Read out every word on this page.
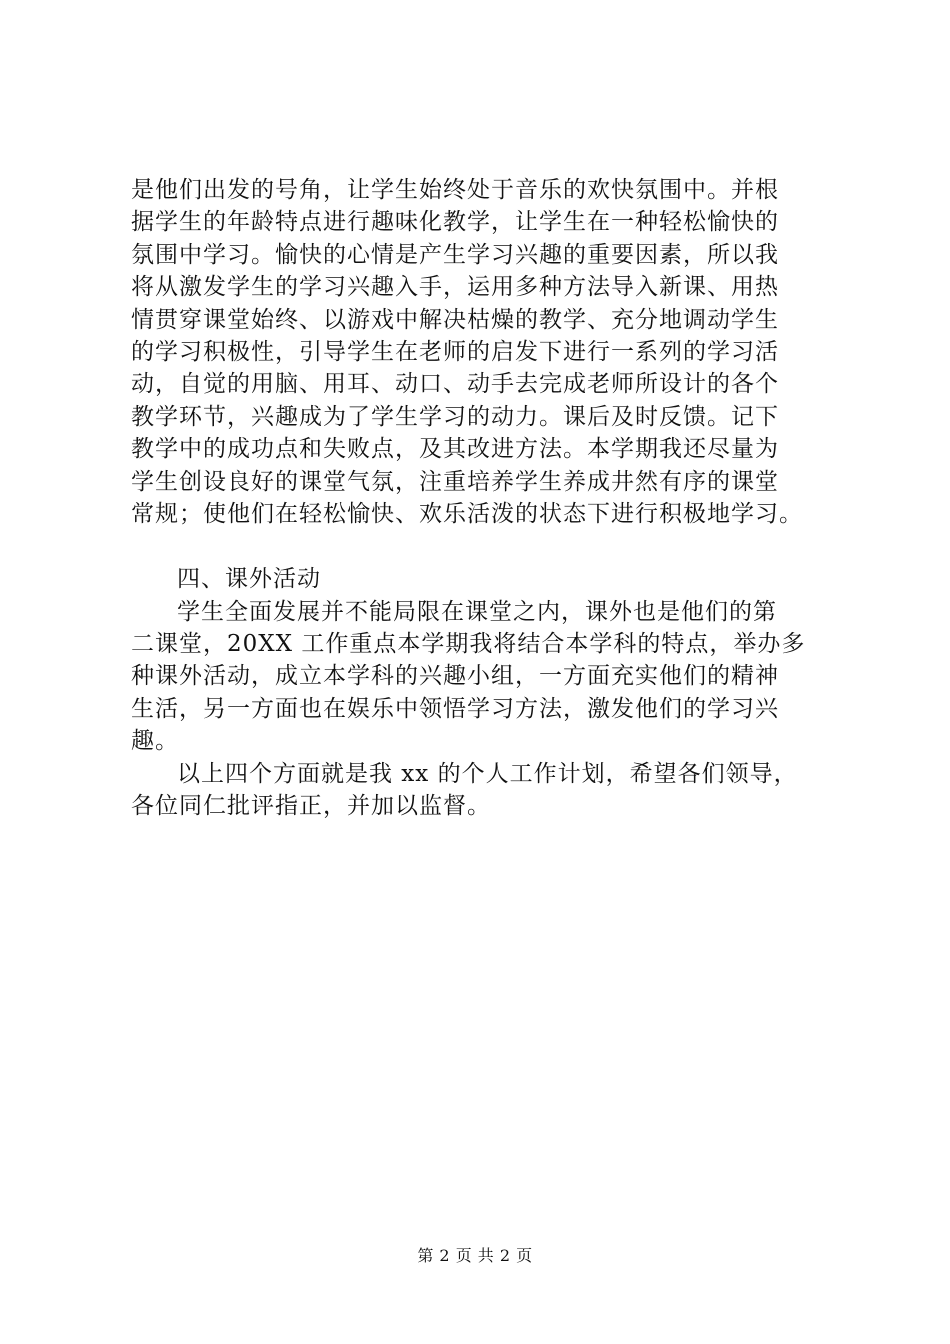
是他们出发的号角，让学生始终处于音乐的欢快氛围中。并根
据学生的年龄特点进行趣味化教学，让学生在一种轻松愉快的
氛围中学习。愉快的心情是产生学习兴趣的重要因素，所以我
将从激发学生的学习兴趣入手，运用多种方法导入新课、用热
情贯穿课堂始终、以游戏中解决枯燥的教学、充分地调动学生
的学习积极性，引导学生在老师的启发下进行一系列的学习活
动，自觉的用脑、用耳、动口、动手去完成老师所设计的各个
教学环节，兴趣成为了学生学习的动力。课后及时反馈。记下
教学中的成功点和失败点，及其改进方法。本学期我还尽量为
学生创设良好的课堂气氛，注重培养学生养成井然有序的课堂
常规；使他们在轻松愉快、欢乐活泼的状态下进行积极地学习。
四、课外活动
学生全面发展并不能局限在课堂之内，课外也是他们的第
二课堂，20XX 工作重点本学期我将结合本学科的特点，举办多
种课外活动，成立本学科的兴趣小组，一方面充实他们的精神
生活，另一方面也在娱乐中领悟学习方法，激发他们的学习兴
趣。
以上四个方面就是我 xx 的个人工作计划，希望各们领导，
各位同仁批评指正，并加以监督。
第 2 页 共 2 页
